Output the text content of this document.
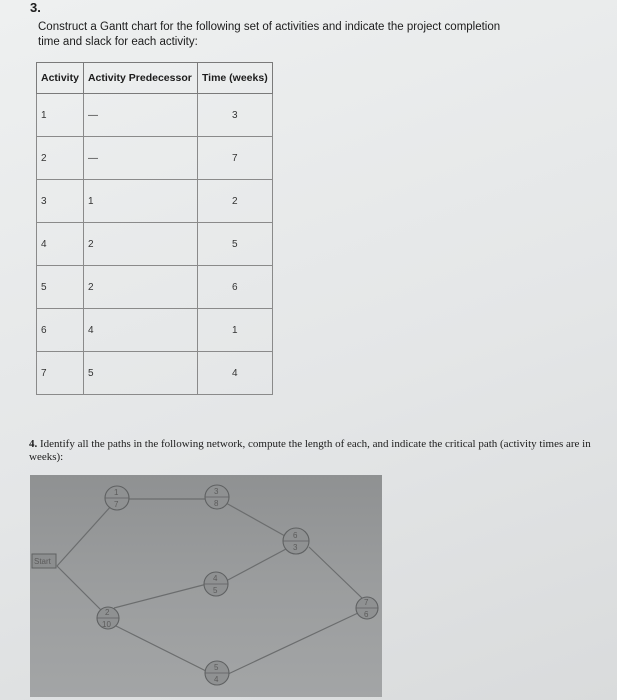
3.
Construct a Gantt chart for the following set of activities and indicate the project completion time and slack for each activity:
Activity	Activity Predecessor	Time (weeks)
1	—	3
2	—	7
3	1	2
4	2	5
5	2	6
6	4	1
7	5	4
4. Identify all the paths in the following network, compute the length of each, and indicate the critical path (activity times are in weeks):
Start
1
7
2
10
3
8
4
5
5
4
6
3
7
6
